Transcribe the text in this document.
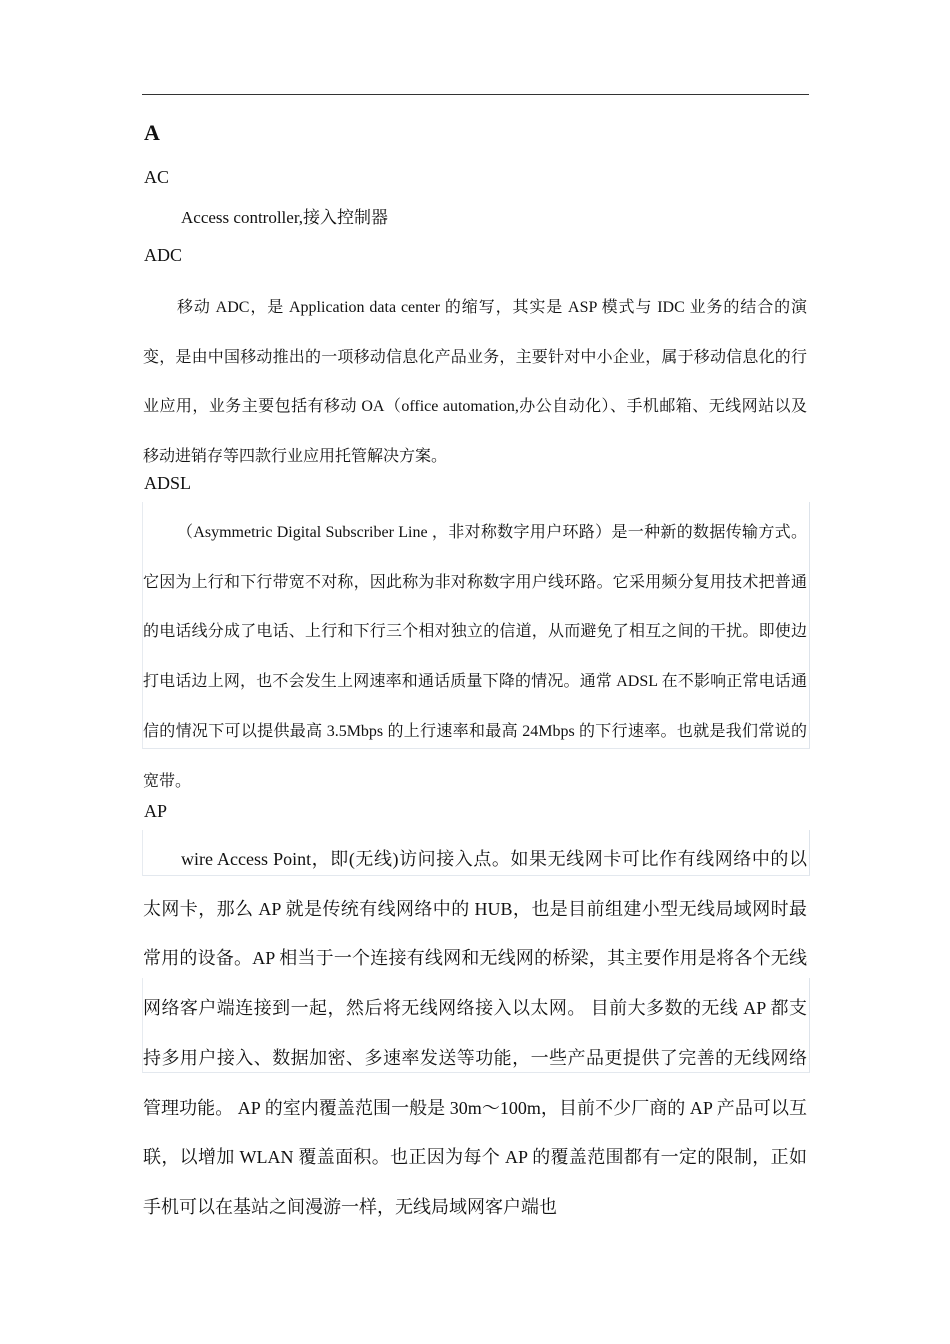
A
AC

Access controller,接入控制器

ADC

移动 ADC，是 Application data center 的缩写，其实是 ASP 模式与 IDC 业务的结合的演变，是由中国移动推出的一项移动信息化产品业务，主要针对中小企业，属于移动信息化的行业应用，业务主要包括有移动 OA（office automation,办公自动化）、手机邮箱、无线网站以及移动进销存等四款行业应用托管解决方案。

ADSL

（Asymmetric Digital Subscriber Line ，非对称数字用户环路）是一种新的数据传输方式。它因为上行和下行带宽不对称，因此称为非对称数字用户线环路。它采用频分复用技术把普通的电话线分成了电话、上行和下行三个相对独立的信道，从而避免了相互之间的干扰。即使边打电话边上网，也不会发生上网速率和通话质量下降的情况。通常 ADSL 在不影响正常电话通信的情况下可以提供最高 3.5Mbps 的上行速率和最高 24Mbps 的下行速率。也就是我们常说的宽带。

AP

wire Access Point，即(无线)访问接入点。如果无线网卡可比作有线网络中的以太网卡，那么 AP 就是传统有线网络中的 HUB，也是目前组建小型无线局域网时最常用的设备。AP 相当于一个连接有线网和无线网的桥梁，其主要作用是将各个无线网络客户端连接到一起，然后将无线网络接入以太网。 目前大多数的无线 AP 都支持多用户接入、数据加密、多速率发送等功能，一些产品更提供了完善的无线网络管理功能。 AP 的室内覆盖范围一般是 30m～100m，目前不少厂商的 AP 产品可以互联，以增加 WLAN 覆盖面积。也正因为每个 AP 的覆盖范围都有一定的限制，正如手机可以在基站之间漫游一样，无线局域网客户端也
